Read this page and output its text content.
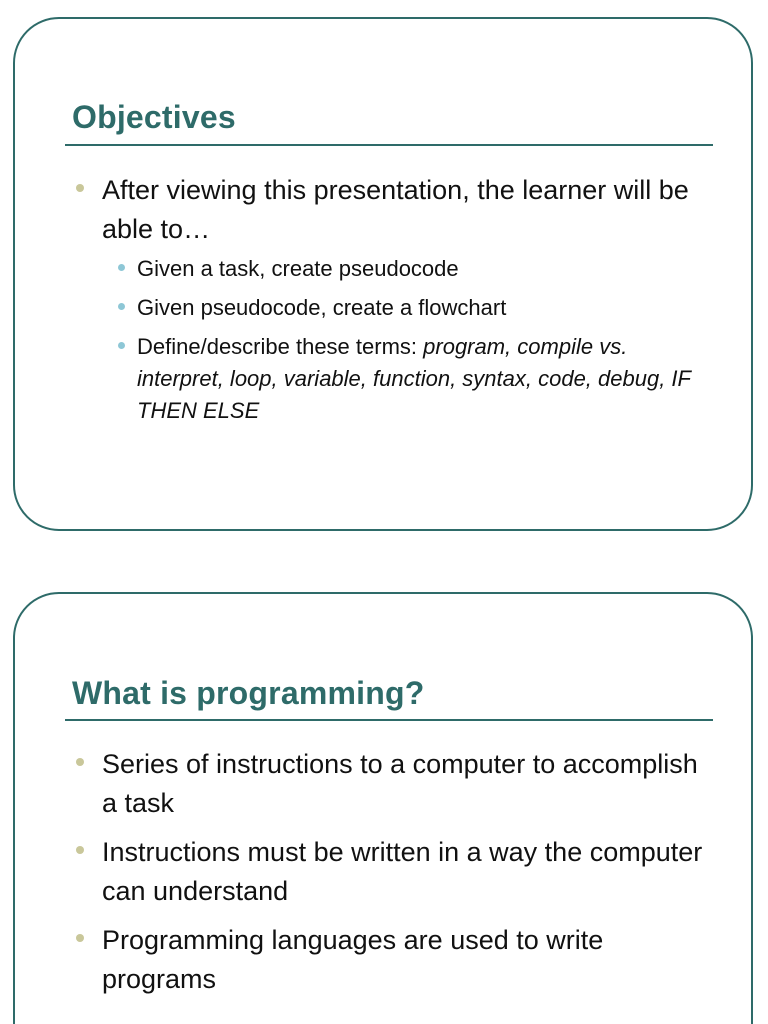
Objectives
After viewing this presentation, the learner will be able to…
Given a task, create pseudocode
Given pseudocode, create a flowchart
Define/describe these terms: program, compile vs. interpret, loop, variable, function, syntax, code, debug, IF THEN ELSE
What is programming?
Series of instructions to a computer to accomplish a task
Instructions must be written in a way the computer can understand
Programming languages are used to write programs
